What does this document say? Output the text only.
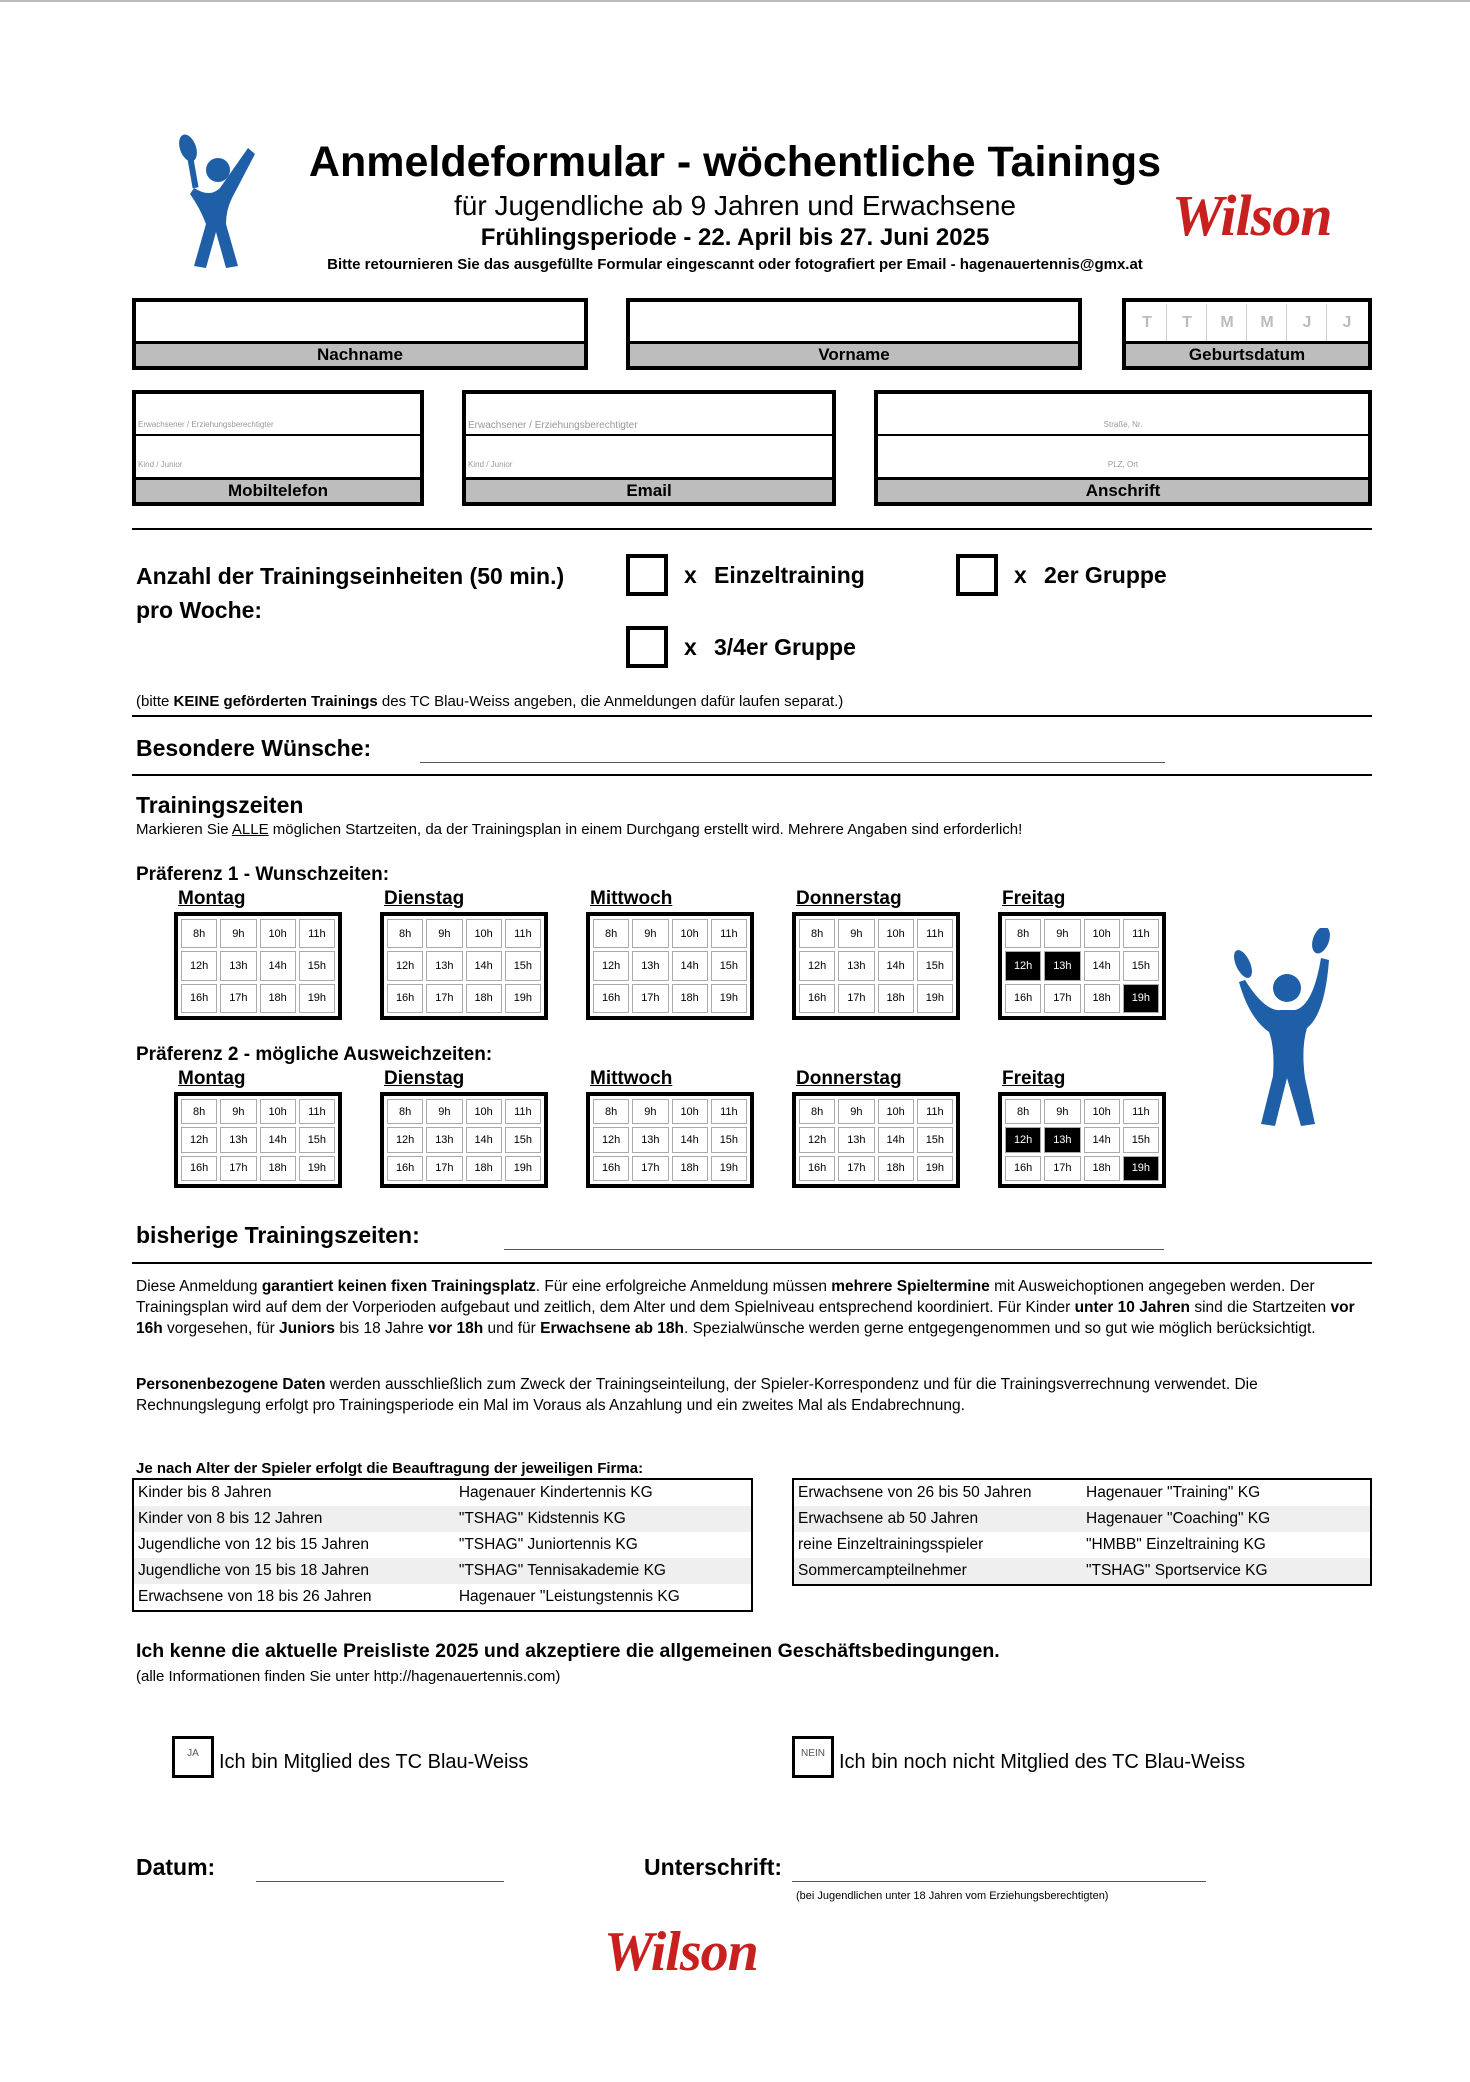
Anmeldeformular - wöchentliche Tainings
für Jugendliche ab 9 Jahren und Erwachsene
Frühlingsperiode - 22. April bis 27. Juni 2025
Bitte retournieren Sie das ausgefüllte Formular eingescannt oder fotografiert per Email - hagenauertennis@gmx.at
Wilson
Nachname	Vorname
T	T	M	M	J	J
Geburtsdatum
Erwachsener / Erziehungsberechtigter
Kind / Junior
Mobiltelefon
Erwachsener / Erziehungsberechtigter
Kind / Junior
Email
Straße, Nr.
PLZ, Ort
Anschrift
Anzahl der Trainingseinheiten (50 min.)
pro Woche:
x Einzeltraining	x 2er Gruppe
x 3/4er Gruppe
(bitte KEINE geförderten Trainings des TC Blau-Weiss angeben, die Anmeldungen dafür laufen separat.)
Besondere Wünsche:
Trainingszeiten
Markieren Sie ALLE möglichen Startzeiten, da der Trainingsplan in einem Durchgang erstellt wird. Mehrere Angaben sind erforderlich!
Präferenz 1 - Wunschzeiten:
Präferenz 2 - mögliche Ausweichzeiten:
Montag
8h	9h	10h	11h
12h	13h	14h	15h
16h	17h	18h	19h
Dienstag
8h	9h	10h	11h
12h	13h	14h	15h
16h	17h	18h	19h
Mittwoch
8h	9h	10h	11h
12h	13h	14h	15h
16h	17h	18h	19h
Donnerstag
8h	9h	10h	11h
12h	13h	14h	15h
16h	17h	18h	19h
Freitag
8h	9h	10h	11h
12h	13h	14h	15h
16h	17h	18h	19h
Montag
8h	9h	10h	11h
12h	13h	14h	15h
16h	17h	18h	19h
Dienstag
8h	9h	10h	11h
12h	13h	14h	15h
16h	17h	18h	19h
Mittwoch
8h	9h	10h	11h
12h	13h	14h	15h
16h	17h	18h	19h
Donnerstag
8h	9h	10h	11h
12h	13h	14h	15h
16h	17h	18h	19h
Freitag
8h	9h	10h	11h
12h	13h	14h	15h
16h	17h	18h	19h
bisherige Trainingszeiten:
Diese Anmeldung garantiert keinen fixen Trainingsplatz. Für eine erfolgreiche Anmeldung müssen mehrere Spieltermine mit Ausweichoptionen angegeben werden. Der Trainingsplan wird auf dem der Vorperioden aufgebaut und zeitlich, dem Alter und dem Spielniveau entsprechend koordiniert. Für Kinder unter 10 Jahren sind die Startzeiten vor 16h vorgesehen, für Juniors bis 18 Jahre vor 18h und für Erwachsene ab 18h. Spezialwünsche werden gerne entgegengenommen und so gut wie möglich berücksichtigt.
Personenbezogene Daten werden ausschließlich zum Zweck der Trainingseinteilung, der Spieler-Korrespondenz und für die Trainingsverrechnung verwendet. Die Rechnungslegung erfolgt pro Trainingsperiode ein Mal im Voraus als Anzahlung und ein zweites Mal als Endabrechnung.
Je nach Alter der Spieler erfolgt die Beauftragung der jeweiligen Firma:
Kinder bis 8 Jahren	Hagenauer Kindertennis KG
Kinder von 8 bis 12 Jahren	"TSHAG" Kidstennis KG
Jugendliche von 12 bis 15 Jahren	"TSHAG" Juniortennis KG
Jugendliche von 15 bis 18 Jahren	"TSHAG" Tennisakademie KG
Erwachsene von 18 bis 26 Jahren	Hagenauer "Leistungstennis KG
Erwachsene von 26 bis 50 Jahren	Hagenauer "Training" KG
Erwachsene ab 50 Jahren	Hagenauer "Coaching" KG
reine Einzeltrainingsspieler	"HMBB" Einzeltraining KG
Sommercampteilnehmer	"TSHAG" Sportservice KG
Ich kenne die aktuelle Preisliste 2025 und akzeptiere die allgemeinen Geschäftsbedingungen.
(alle Informationen finden Sie unter http://hagenauertennis.com)
JA	Ich bin Mitglied des TC Blau-Weiss	NEIN Ich bin noch nicht Mitglied des TC Blau-Weiss
Datum:	Unterschrift:
(bei Jugendlichen unter 18 Jahren vom Erziehungsberechtigten)
Wilson
